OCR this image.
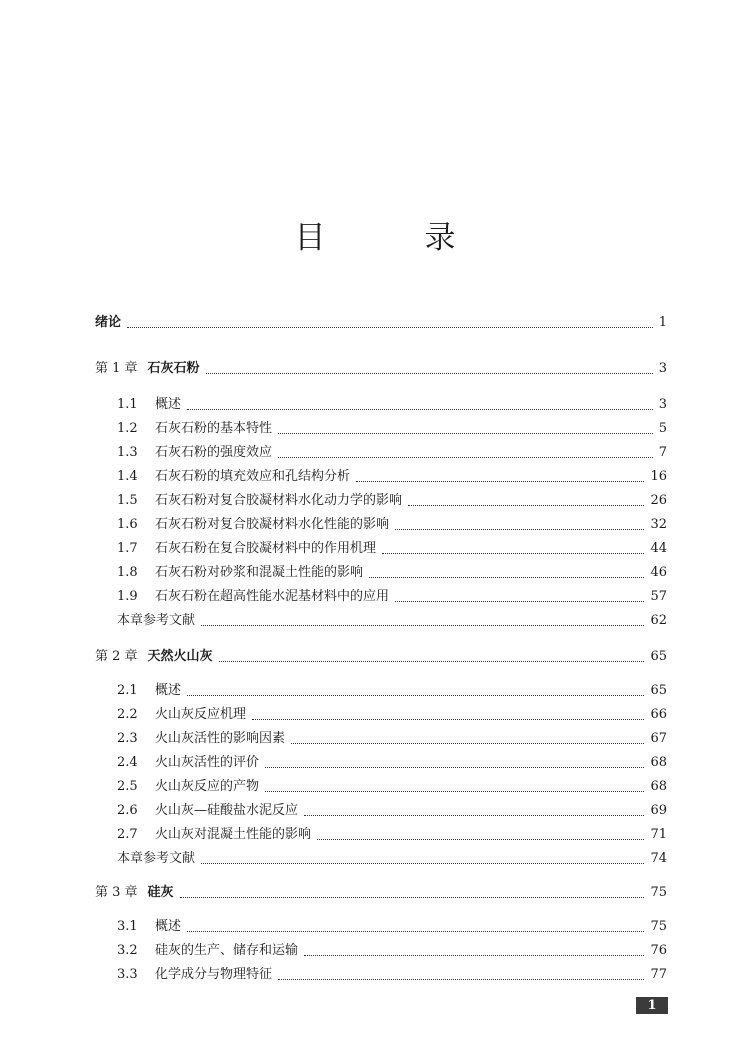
目　录
绪论	1
第 1 章 石灰石粉	3
1.1	概述	3
1.2	石灰石粉的基本特性	5
1.3	石灰石粉的强度效应	7
1.4	石灰石粉的填充效应和孔结构分析	16
1.5	石灰石粉对复合胶凝材料水化动力学的影响	26
1.6	石灰石粉对复合胶凝材料水化性能的影响	32
1.7	石灰石粉在复合胶凝材料中的作用机理	44
1.8	石灰石粉对砂浆和混凝土性能的影响	46
1.9	石灰石粉在超高性能水泥基材料中的应用	57
本章参考文献	62
第 2 章 天然火山灰	65
2.1	概述	65
2.2	火山灰反应机理	66
2.3	火山灰活性的影响因素	67
2.4	火山灰活性的评价	68
2.5	火山灰反应的产物	68
2.6	火山灰—硅酸盐水泥反应	69
2.7	火山灰对混凝土性能的影响	71
本章参考文献	74
第 3 章 硅灰	75
3.1	概述	75
3.2	硅灰的生产、储存和运输	76
3.3	化学成分与物理特征	77
1
